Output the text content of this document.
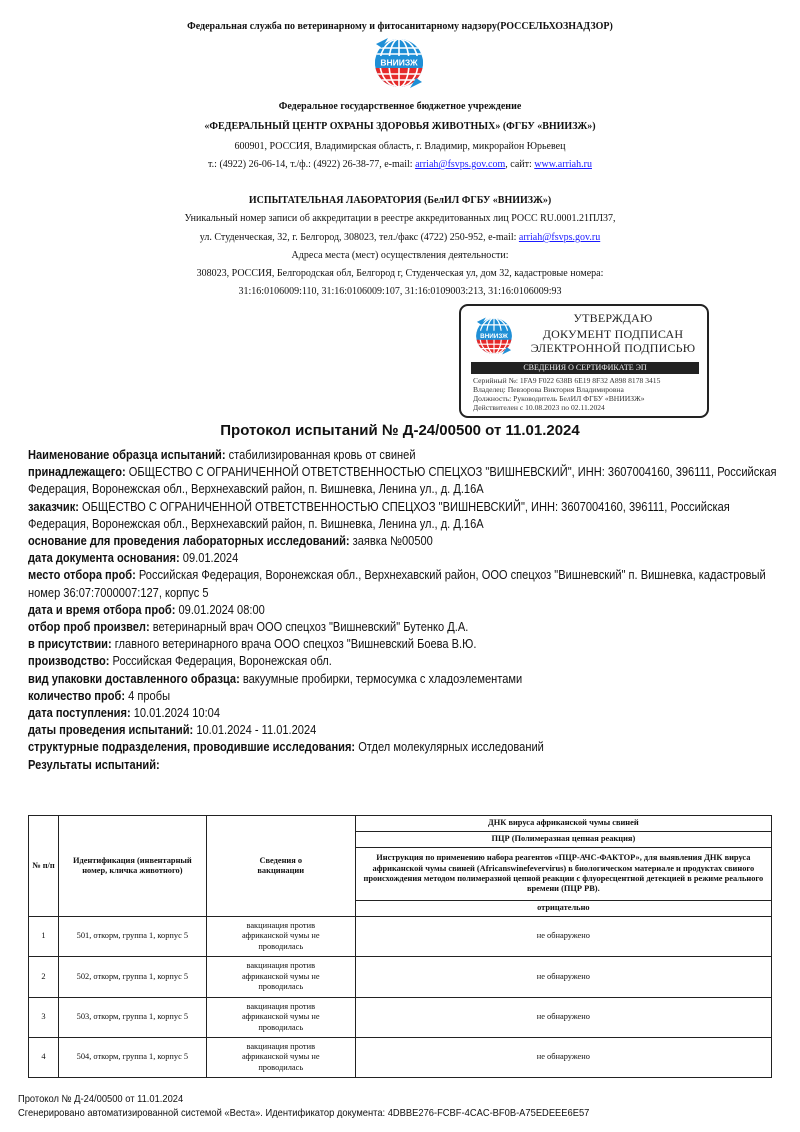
Федеральная служба по ветеринарному и фитосанитарному надзору(РОССЕЛЬХОЗНАДЗОР)
ВНИИЗЖ
Федеральное государственное бюджетное учреждение
«ФЕДЕРАЛЬНЫЙ ЦЕНТР ОХРАНЫ ЗДОРОВЬЯ ЖИВОТНЫХ» (ФГБУ «ВНИИЗЖ»)
600901, РОССИЯ, Владимирская область, г. Владимир, микрорайон Юрьевец
т.: (4922) 26-06-14, т./ф.: (4922) 26-38-77, e-mail: arriah@fsvps.gov.com, сайт: www.arriah.ru
ИСПЫТАТЕЛЬНАЯ ЛАБОРАТОРИЯ (БелИЛ ФГБУ «ВНИИЗЖ»)
Уникальный номер записи об аккредитации в реестре аккредитованных лиц РОСС RU.0001.21ПЛ37,
ул. Студенческая, 32, г. Белгород, 308023, тел./факс (4722) 250-952, e-mail: arriah@fsvps.gov.ru
Адреса места (мест) осуществления деятельности:
308023, РОССИЯ, Белгородская обл, Белгород г, Студенческая ул, дом 32, кадастровые номера:
31:16:0106009:110, 31:16:0106009:107, 31:16:0109003:213, 31:16:0106009:93
ВНИИЗЖ
УТВЕРЖДАЮ
ДОКУМЕНТ ПОДПИСАН
ЭЛЕКТРОННОЙ ПОДПИСЬЮ
СВЕДЕНИЯ О СЕРТИФИКАТЕ ЭП
Серийный №: 1FA9 F022 638B 6E19 8F32 A898 8178 3415
Владелец: Певзорова Виктория Владимировна
Должность: Руководитель БелИЛ ФГБУ «ВНИИЗЖ»
Действителен с 10.08.2023 по 02.11.2024
Протокол испытаний № Д-24/00500 от 11.01.2024
Наименование образца испытаний: стабилизированная кровь от свиней
принадлежащего: ОБЩЕСТВО С ОГРАНИЧЕННОЙ ОТВЕТСТВЕННОСТЬЮ СПЕЦХОЗ "ВИШНЕВСКИЙ", ИНН: 3607004160, 396111, Российская Федерация, Воронежская обл., Верхнехавский район, п. Вишневка, Ленина ул., д. Д.16А
заказчик: ОБЩЕСТВО С ОГРАНИЧЕННОЙ ОТВЕТСТВЕННОСТЬЮ СПЕЦХОЗ "ВИШНЕВСКИЙ", ИНН: 3607004160, 396111, Российская Федерация, Воронежская обл., Верхнехавский район, п. Вишневка, Ленина ул., д. Д.16А
основание для проведения лабораторных исследований: заявка №00500
дата документа основания: 09.01.2024
место отбора проб: Российская Федерация, Воронежская обл., Верхнехавский район, ООО спецхоз "Вишневский" п. Вишневка, кадастровый номер 36:07:7000007:127, корпус 5
дата и время отбора проб: 09.01.2024 08:00
отбор проб произвел: ветеринарный врач ООО спецхоз "Вишневский" Бутенко Д.А.
в присутствии: главного ветеринарного врача ООО спецхоз "Вишневский Боева В.Ю.
производство: Российская Федерация, Воронежская обл.
вид упаковки доставленного образца: вакуумные пробирки, термосумка с хладоэлементами
количество проб: 4 пробы
дата поступления: 10.01.2024 10:04
даты проведения испытаний: 10.01.2024 - 11.01.2024
структурные подразделения, проводившие исследования: Отдел молекулярных исследований
Результаты испытаний:
№ п/п	Идентификация (инвентарный номер, кличка животного)	Сведения о вакцинации	ДНК вируса африканской чумы свиней
			ПЦР (Полимеразная цепная реакция)
			Инструкция по применению набора реагентов «ПЦР-АЧС-ФАКТОР», для выявления ДНК вируса африканской чумы свиней (Africanswinefevervirus) в биологическом материале и продуктах свиного происхождения методом полимеразной цепной реакции с флуоресцентной детекцией в режиме реального времени (ПЦР РВ).
			отрицательно

1	501, откорм, группа 1, корпус 5	вакцинация против африканской чумы не проводилась	не обнаружено
2	502, откорм, группа 1, корпус 5	вакцинация против африканской чумы не проводилась	не обнаружено
3	503, откорм, группа 1, корпус 5	вакцинация против африканской чумы не проводилась	не обнаружено
4	504, откорм, группа 1, корпус 5	вакцинация против африканской чумы не проводилась	не обнаружено
Протокол № Д-24/00500 от 11.01.2024
Сгенерировано автоматизированной системой «Веста». Идентификатор документа: 4DBBE276-FCBF-4CAC-BF0B-A75EDEEE6E57
